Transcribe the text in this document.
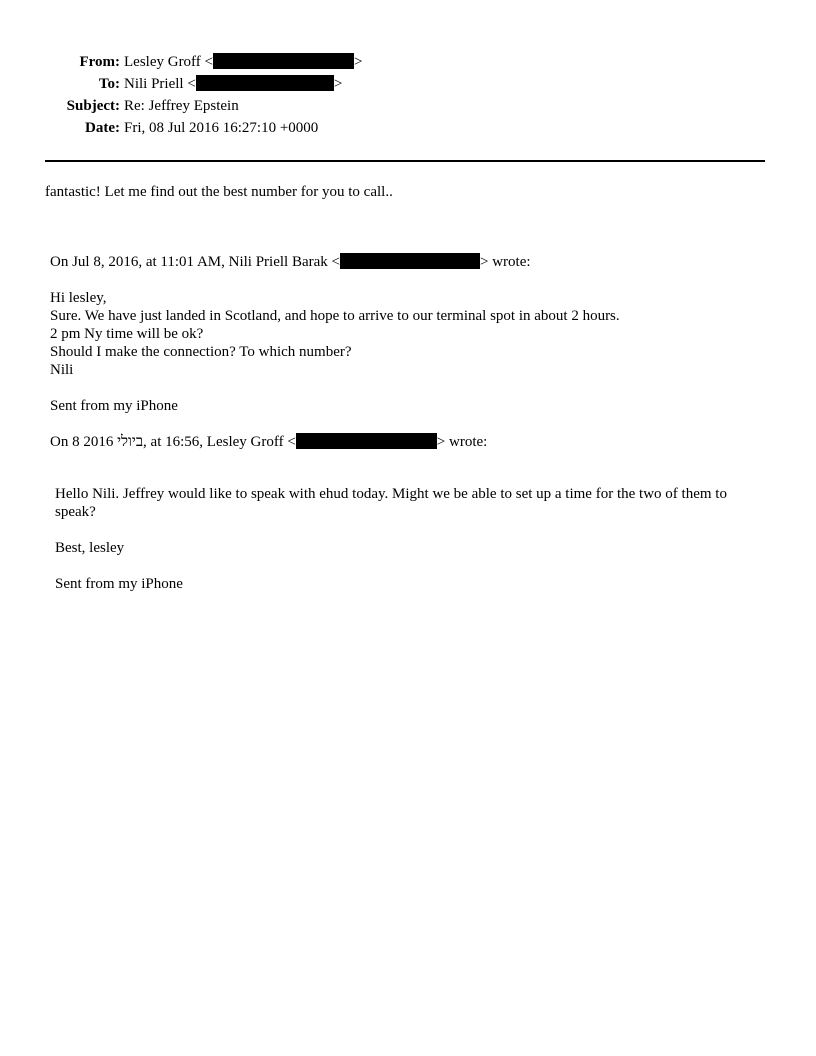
From: Lesley Groff <	>
To: Nili Priell <	>
Subject: Re: Jeffrey Epstein
Date: Fri, 08 Jul 2016 16:27:10 +0000
fantastic! Let me find out the best number for you to call..
On Jul 8, 2016, at 11:01 AM, Nili Priell Barak <	> wrote:
Hi lesley,
Sure. We have just landed in Scotland, and hope to arrive to our terminal spot in about 2 hours.
2 pm Ny time will be ok?
Should I make the connection? To which number?
Nili
Sent from my iPhone
On 8 2016 ביולי, at 16:56, Lesley Groff <	> wrote:
Hello Nili. Jeffrey would like to speak with ehud today. Might we be able to set up a time for the two of them to speak?
Best, lesley
Sent from my iPhone
